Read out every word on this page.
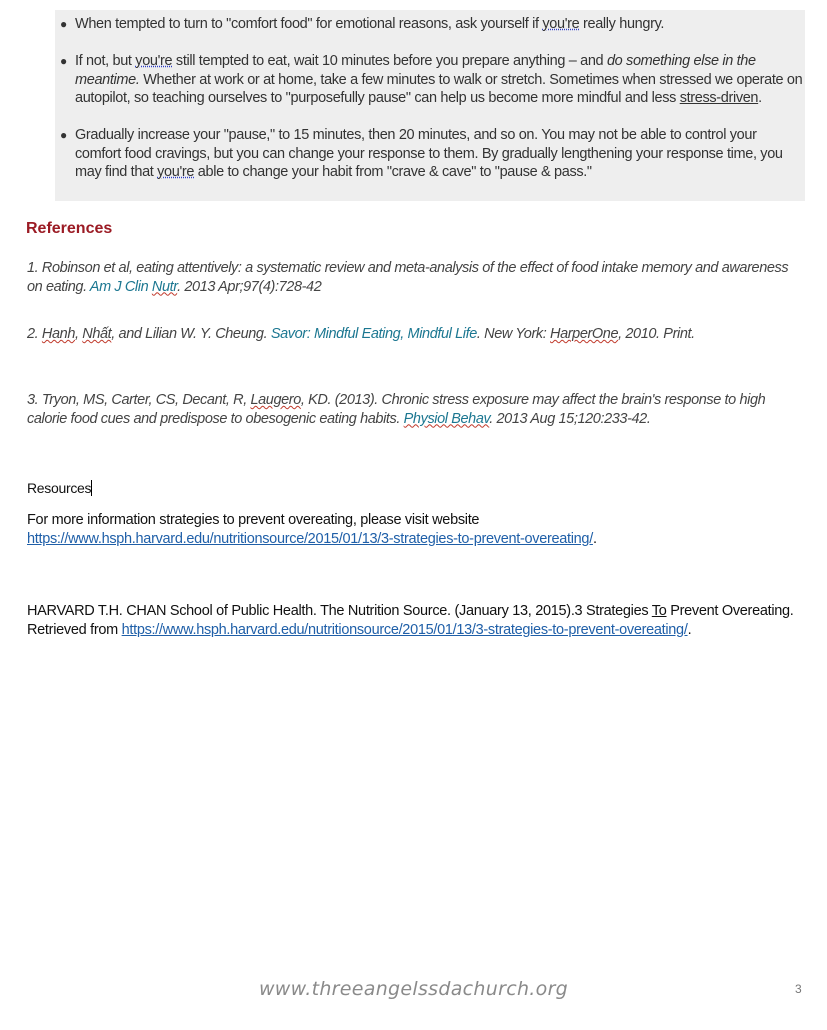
● When tempted to turn to "comfort food" for emotional reasons, ask yourself if you're really hungry.
● If not, but you're still tempted to eat, wait 10 minutes before you prepare anything – and do something else in the meantime. Whether at work or at home, take a few minutes to walk or stretch. Sometimes when stressed we operate on autopilot, so teaching ourselves to "purposefully pause" can help us become more mindful and less stress-driven.
● Gradually increase your "pause," to 15 minutes, then 20 minutes, and so on. You may not be able to control your comfort food cravings, but you can change your response to them. By gradually lengthening your response time, you may find that you're able to change your habit from "crave & cave" to "pause & pass."
References
1. Robinson et al, eating attentively: a systematic review and meta-analysis of the effect of food intake memory and awareness on eating. Am J Clin Nutr. 2013 Apr;97(4):728-42
2. Hanh, Nhất, and Lilian W. Y. Cheung. Savor: Mindful Eating, Mindful Life. New York: HarperOne, 2010. Print.
3. Tryon, MS, Carter, CS, Decant, R, Laugero, KD. (2013). Chronic stress exposure may affect the brain's response to high calorie food cues and predispose to obesogenic eating habits. Physiol Behav. 2013 Aug 15;120:233-42.
Resources
For more information strategies to prevent overeating, please visit website
https://www.hsph.harvard.edu/nutritionsource/2015/01/13/3-strategies-to-prevent-overeating/.
HARVARD T.H. CHAN School of Public Health. The Nutrition Source. (January 13, 2015).3 Strategies To Prevent Overeating. Retrieved from https://www.hsph.harvard.edu/nutritionsource/2015/01/13/3-strategies-to-prevent-overeating/.
www.threeangelssdachurch.org	3
